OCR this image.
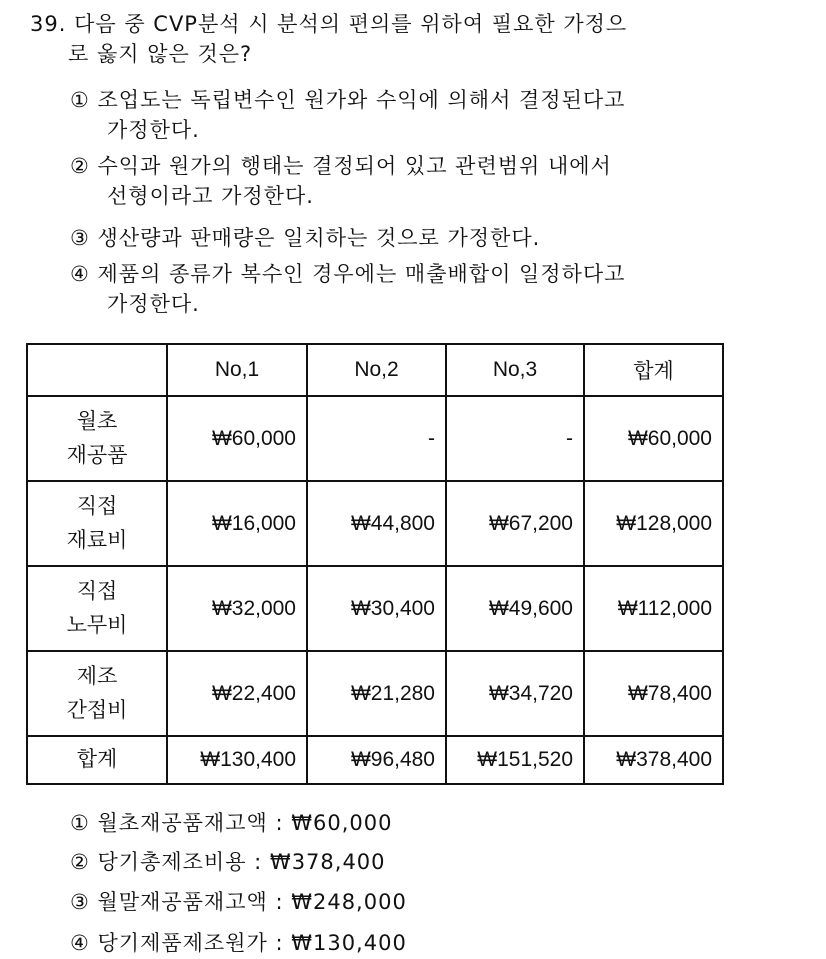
39. 다음 중 CVP분석 시 분석의 편의를 위하여 필요한 가정으
로 옳지 않은 것은?
① 조업도는 독립변수인 원가와 수익에 의해서 결정된다고
가정한다.
② 수익과 원가의 행태는 결정되어 있고 관련범위 내에서
선형이라고 가정한다.
③ 생산량과 판매량은 일치하는 것으로 가정한다.
④ 제품의 종류가 복수인 경우에는 매출배합이 일정하다고
가정한다.
	No,1	No,2	No,3	합계
월초
재공품	₩60,000	-	-	₩60,000
직접
재료비	₩16,000	₩44,800	₩67,200	₩128,000
직접
노무비	₩32,000	₩30,400	₩49,600	₩112,000
제조
간접비	₩22,400	₩21,280	₩34,720	₩78,400
합계	₩130,400	₩96,480	₩151,520	₩378,400
① 월초재공품재고액 : ₩60,000
② 당기총제조비용 : ₩378,400
③ 월말재공품재고액 : ₩248,000
④ 당기제품제조원가 : ₩130,400
